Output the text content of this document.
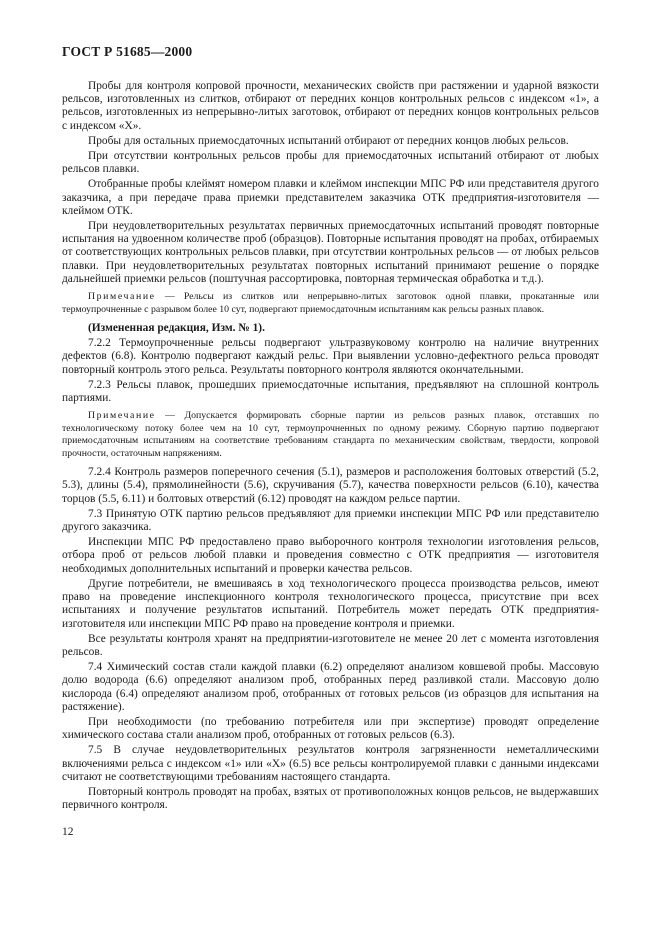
ГОСТ Р 51685—2000

Пробы для контроля копровой прочности, механических свойств при растяжении и ударной вязкости рельсов, изготовленных из слитков, отбирают от передних концов контрольных рельсов с индексом «1», а рельсов, изготовленных из непрерывно-литых заготовок, отбирают от передних концов контрольных рельсов с индексом «Х».

Пробы для остальных приемосдаточных испытаний отбирают от передних концов любых рельсов.

При отсутствии контрольных рельсов пробы для приемосдаточных испытаний отбирают от любых рельсов плавки.

Отобранные пробы клеймят номером плавки и клеймом инспекции МПС РФ или представителя другого заказчика, а при передаче права приемки представителем заказчика ОТК предприятия-изготовителя — клеймом ОТК.

При неудовлетворительных результатах первичных приемосдаточных испытаний проводят повторные испытания на удвоенном количестве проб (образцов). Повторные испытания проводят на пробах, отбираемых от соответствующих контрольных рельсов плавки, при отсутствии контрольных рельсов — от любых рельсов плавки. При неудовлетворительных результатах повторных испытаний принимают решение о порядке дальнейшей приемки рельсов (поштучная рассортировка, повторная термическая обработка и т.д.).

Примечание — Рельсы из слитков или непрерывно-литых заготовок одной плавки, прокатанные или термоупрочненные с разрывом более 10 сут, подвергают приемосдаточным испытаниям как рельсы разных плавок.

(Измененная редакция, Изм. № 1).

7.2.2 Термоупрочненные рельсы подвергают ультразвуковому контролю на наличие внутренних дефектов (6.8). Контролю подвергают каждый рельс. При выявлении условно-дефектного рельса проводят повторный контроль этого рельса. Результаты повторного контроля являются окончательными.

7.2.3 Рельсы плавок, прошедших приемосдаточные испытания, предъявляют на сплошной контроль партиями.

Примечание — Допускается формировать сборные партии из рельсов разных плавок, отставших по технологическому потоку более чем на 10 сут, термоупрочненных по одному режиму. Сборную партию подвергают приемосдаточным испытаниям на соответствие требованиям стандарта по механическим свойствам, твердости, копровой прочности, остаточным напряжениям.

7.2.4 Контроль размеров поперечного сечения (5.1), размеров и расположения болтовых отверстий (5.2, 5.3), длины (5.4), прямолинейности (5.6), скручивания (5.7), качества поверхности рельсов (6.10), качества торцов (5.5, 6.11) и болтовых отверстий (6.12) проводят на каждом рельсе партии.

7.3 Принятую ОТК партию рельсов предъявляют для приемки инспекции МПС РФ или представителю другого заказчика.

Инспекции МПС РФ предоставлено право выборочного контроля технологии изготовления рельсов, отбора проб от рельсов любой плавки и проведения совместно с ОТК предприятия — изготовителя необходимых дополнительных испытаний и проверки качества рельсов.

Другие потребители, не вмешиваясь в ход технологического процесса производства рельсов, имеют право на проведение инспекционного контроля технологического процесса, присутствие при всех испытаниях и получение результатов испытаний. Потребитель может передать ОТК предприятия-изготовителя или инспекции МПС РФ право на проведение контроля и приемки.

Все результаты контроля хранят на предприятии-изготовителе не менее 20 лет с момента изготовления рельсов.

7.4 Химический состав стали каждой плавки (6.2) определяют анализом ковшевой пробы. Массовую долю водорода (6.6) определяют анализом проб, отобранных перед разливкой стали. Массовую долю кислорода (6.4) определяют анализом проб, отобранных от готовых рельсов (из образцов для испытания на растяжение).

При необходимости (по требованию потребителя или при экспертизе) проводят определение химического состава стали анализом проб, отобранных от готовых рельсов (6.3).

7.5 В случае неудовлетворительных результатов контроля загрязненности неметаллическими включениями рельса с индексом «1» или «Х» (6.5) все рельсы контролируемой плавки с данными индексами считают не соответствующими требованиям настоящего стандарта.

Повторный контроль проводят на пробах, взятых от противоположных концов рельсов, не выдержавших первичного контроля.

12
